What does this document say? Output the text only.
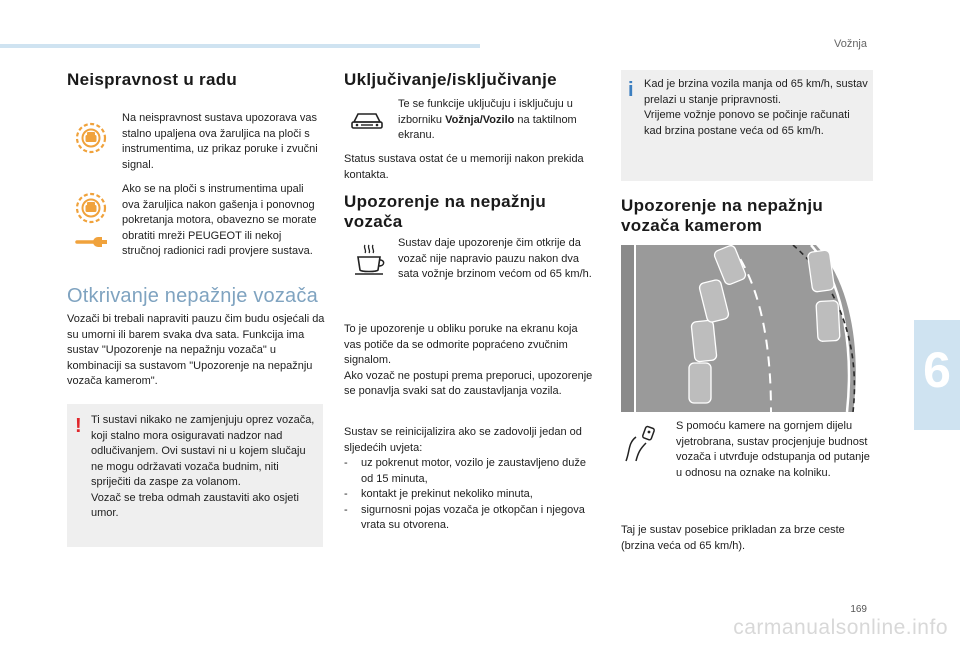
Vožnja
6
Neispravnost u radu

Na neispravnost sustava upozorava vas stalno upaljena ova žaruljica na ploči s instrumentima, uz prikaz poruke i zvučni signal.

Ako se na ploči s instrumentima upali ova žaruljica nakon gašenja i ponovnog pokretanja motora, obavezno se morate obratiti mreži PEUGEOT ili nekoj stručnoj radionici radi provjere sustava.

Otkrivanje nepažnje vozača

Vozači bi trebali napraviti pauzu čim budu osjećali da su umorni ili barem svaka dva sata. Funkcija ima sustav "Upozorenje na nepažnju vozača" u kombinaciji sa sustavom "Upozorenje na nepažnju vozača kamerom".

! Ti sustavi nikako ne zamjenjuju oprez vozača, koji stalno mora osiguravati nadzor nad odlučivanjem. Ovi sustavi ni u kojem slučaju ne mogu održavati vozača budnim, niti spriječiti da zaspe za volanom.
Vozač se treba odmah zaustaviti ako osjeti umor.

Uključivanje/isključivanje

Te se funkcije uključuju i isključuju u izborniku Vožnja/Vozilo na taktilnom ekranu.

Status sustava ostat će u memoriji nakon prekida kontakta.

Upozorenje na nepažnju vozača

Sustav daje upozorenje čim otkrije da vozač nije napravio pauzu nakon dva sata vožnje brzinom većom od 65 km/h.

To je upozorenje u obliku poruke na ekranu koja vas potiče da se odmorite popraćeno zvučnim signalom.
Ako vozač ne postupi prema preporuci, upozorenje se ponavlja svaki sat do zaustavljanja vozila.

Sustav se reinicijalizira ako se zadovolji jedan od sljedećih uvjeta:

- uz pokrenut motor, vozilo je zaustavljeno duže od 15 minuta,
- kontakt je prekinut nekoliko minuta,
- sigurnosni pojas vozača je otkopčan i njegova vrata su otvorena.
i Kad je brzina vozila manja od 65 km/h, sustav prelazi u stanje pripravnosti.
Vrijeme vožnje ponovo se počinje računati kad brzina postane veća od 65 km/h.

Upozorenje na nepažnju vozača kamerom

S pomoću kamere na gornjem dijelu vjetrobrana, sustav procjenjuje budnost vozača i utvrđuje odstupanja od putanje u odnosu na oznake na kolniku.

Taj je sustav posebice prikladan za brze ceste (brzina veća od 65 km/h).

169
carmanualsonline.info
